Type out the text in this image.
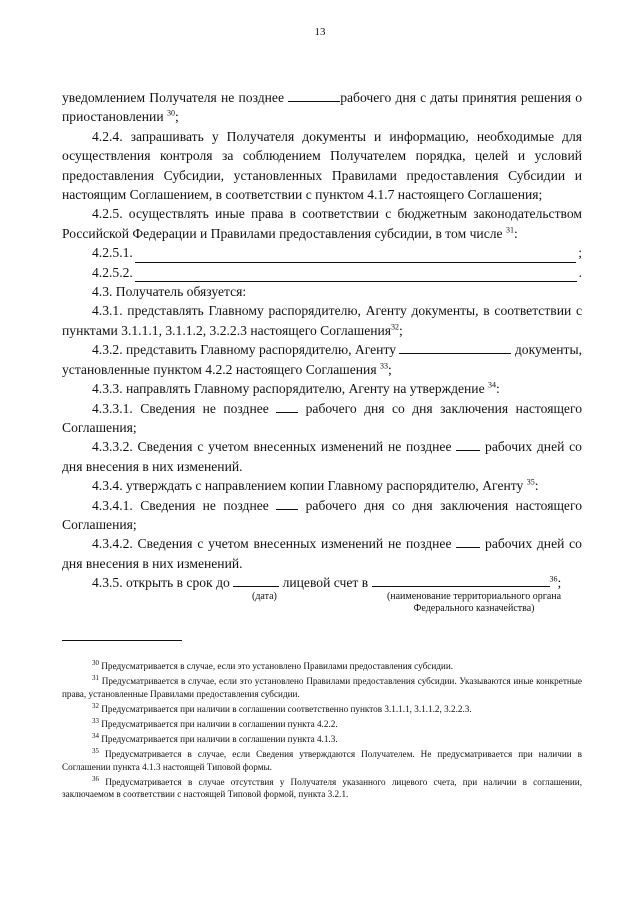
13

уведомлением Получателя не позднее	рабочего дня с даты принятия решения о приостановлении $^{30}$;

4.2.4. запрашивать у Получателя документы и информацию, необходимые для осуществления контроля за соблюдением Получателем порядка, целей и условий предоставления Субсидии, установленных Правилами предоставления Субсидии и настоящим Соглашением, в соответствии с пунктом 4.1.7 настоящего Соглашения;

4.2.5. осуществлять иные права в соответствии с бюджетным законодательством Российской Федерации и Правилами предоставления субсидии, в том числе $^{31}$:

4.2.5.1.	;
4.2.5.2.	.

4.3. Получатель обязуется:

4.3.1. представлять Главному распорядителю, Агенту документы, в соответствии с пунктами 3.1.1.1, 3.1.1.2, 3.2.2.3 настоящего Соглашения$^{32}$;

4.3.2. представить Главному распорядителю, Агенту	документы, установленные пунктом 4.2.2 настоящего Соглашения $^{33}$;

4.3.3. направлять Главному распорядителю, Агенту на утверждение $^{34}$:

4.3.3.1. Сведения не позднее  рабочего дня со дня заключения настоящего Соглашения;

4.3.3.2. Сведения с учетом внесенных изменений не позднее  рабочих дней со дня внесения в них изменений.

4.3.4. утверждать с направлением копии Главному распорядителю, Агенту $^{35}$:

4.3.4.1. Сведения не позднее  рабочего дня со дня заключения настоящего Соглашения;

4.3.4.2. Сведения с учетом внесенных изменений не позднее  рабочих дней со дня внесения в них изменений.

4.3.5. открыть в срок до	лицевой счет в	$^{36}$;

(дата)	(наименование территориального органа Федерального казначейства)

$^{30}$ Предусматривается в случае, если это установлено Правилами предоставления субсидии.

$^{31}$ Предусматривается в случае, если это установлено Правилами предоставления субсидии. Указываются иные конкретные права, установленные Правилами предоставления субсидии.

$^{32}$ Предусматривается при наличии в соглашении соответственно пунктов 3.1.1.1, 3.1.1.2, 3.2.2.3.

$^{33}$ Предусматривается при наличии в соглашении пункта 4.2.2.

$^{34}$ Предусматривается при наличии в соглашении пункта 4.1.3.

$^{35}$ Предусматривается в случае, если Сведения утверждаются Получателем. Не предусматривается при наличии в Соглашении пункта 4.1.3 настоящей Типовой формы.

$^{36}$ Предусматривается в случае отсутствия у Получателя указанного лицевого счета, при наличии в соглашении, заключаемом в соответствии с настоящей Типовой формой, пункта 3.2.1.
